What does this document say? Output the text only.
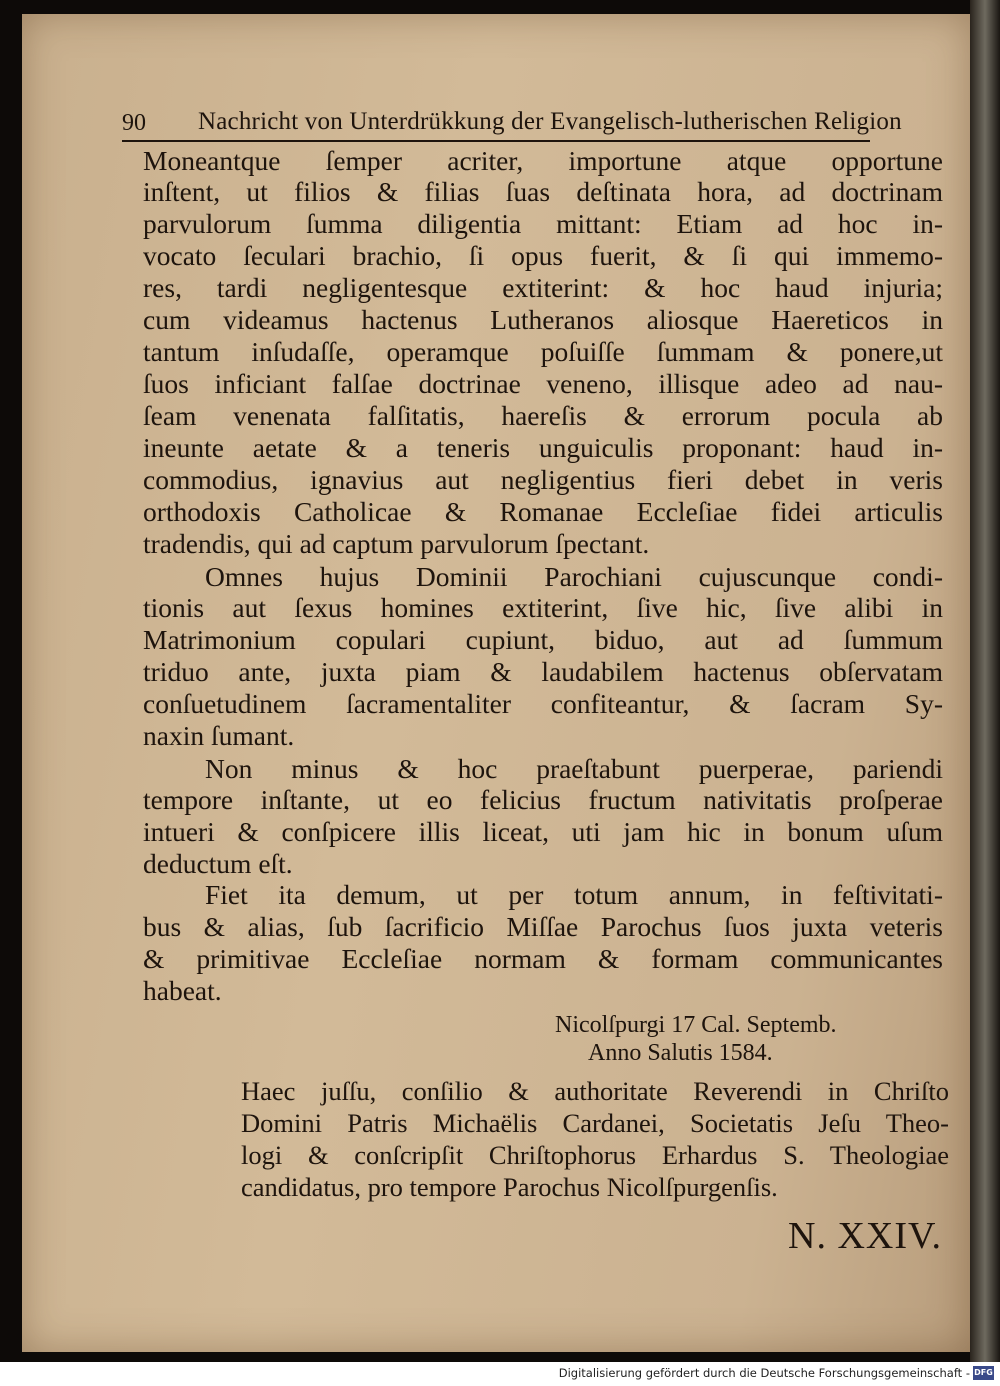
90 Nachricht von Unterdrükkung der Evangelisch-lutherischen Religion
Moneantque ſemper acriter, importune atque opportune
inſtent, ut filios & filias ſuas deſtinata hora, ad doctrinam
parvulorum ſumma diligentia mittant: Etiam ad hoc in-
vocato ſeculari brachio, ſi opus fuerit, & ſi qui immemo-
res, tardi negligentesque extiterint: & hoc haud injuria;
cum videamus hactenus Lutheranos aliosque Haereticos in
tantum inſudaſſe, operamque poſuiſſe ſummam & ponere,ut
ſuos inficiant falſae doctrinae veneno, illisque adeo ad nau-
ſeam venenata falſitatis, haereſis & errorum pocula ab
ineunte aetate & a teneris unguiculis proponant: haud in-
commodius, ignavius aut negligentius fieri debet in veris
orthodoxis Catholicae & Romanae Eccleſiae fidei articulis
tradendis, qui ad captum parvulorum ſpectant.
Omnes hujus Dominii Parochiani cujuscunque condi-
tionis aut ſexus homines extiterint, ſive hic, ſive alibi in
Matrimonium copulari cupiunt, biduo, aut ad ſummum
triduo ante, juxta piam & laudabilem hactenus obſervatam
conſuetudinem ſacramentaliter confiteantur, & ſacram Sy-
naxin ſumant.
Non minus & hoc praeſtabunt puerperae, pariendi
tempore inſtante, ut eo felicius fructum nativitatis proſperae
intueri & conſpicere illis liceat, uti jam hic in bonum uſum
deductum eſt.
Fiet ita demum, ut per totum annum, in feſtivitati-
bus & alias, ſub ſacrificio Miſſae Parochus ſuos juxta veteris
& primitivae Eccleſiae normam & formam communicantes
habeat.
Nicolſpurgi 17 Cal. Septemb.
Anno Salutis 1584.
Haec juſſu, conſilio & authoritate Reverendi in Chriſto
Domini Patris Michaëlis Cardanei, Societatis Jeſu Theo-
logi & conſcripſit Chriſtophorus Erhardus S. Theologiae
candidatus, pro tempore Parochus Nicolſpurgenſis.
N. XXIV.
Digitalisierung gefördert durch die Deutsche Forschungsgemeinschaft - DFG
